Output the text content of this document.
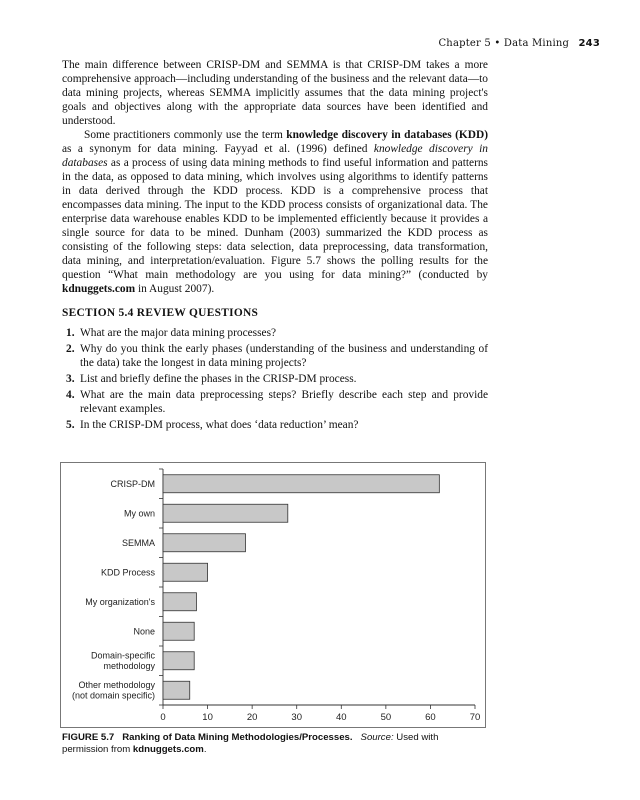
Chapter 5 • Data Mining 243

The main difference between CRISP-DM and SEMMA is that CRISP-DM takes a more comprehensive approach—including understanding of the business and the relevant data—to data mining projects, whereas SEMMA implicitly assumes that the data mining project's goals and objectives along with the appropriate data sources have been identified and understood.

Some practitioners commonly use the term knowledge discovery in databases (KDD) as a synonym for data mining. Fayyad et al. (1996) defined knowledge discovery in databases as a process of using data mining methods to find useful information and patterns in the data, as opposed to data mining, which involves using algorithms to identify patterns in data derived through the KDD process. KDD is a comprehensive process that encompasses data mining. The input to the KDD process consists of organizational data. The enterprise data warehouse enables KDD to be implemented efficiently because it provides a single source for data to be mined. Dunham (2003) summarized the KDD process as consisting of the following steps: data selection, data preprocessing, data transformation, data mining, and interpretation/evaluation. Figure 5.7 shows the polling results for the question “What main methodology are you using for data mining?” (conducted by kdnuggets.com in August 2007).

SECTION 5.4 REVIEW QUESTIONS
1. What are the major data mining processes?
2. Why do you think the early phases (understanding of the business and understanding of the data) take the longest in data mining projects?
3. List and briefly define the phases in the CRISP-DM process.
4. What are the main data preprocessing steps? Briefly describe each step and provide relevant examples.
5. In the CRISP-DM process, what does ‘data reduction’ mean?
CRISP-DM
My own
SEMMA
KDD Process
My organization's
None
Domain-specific
methodology
Other methodology
(not domain specific)
0	10	20	30	40	50	60	70
FIGURE 5.7 Ranking of Data Mining Methodologies/Processes. Source: Used with permission from kdnuggets.com.
